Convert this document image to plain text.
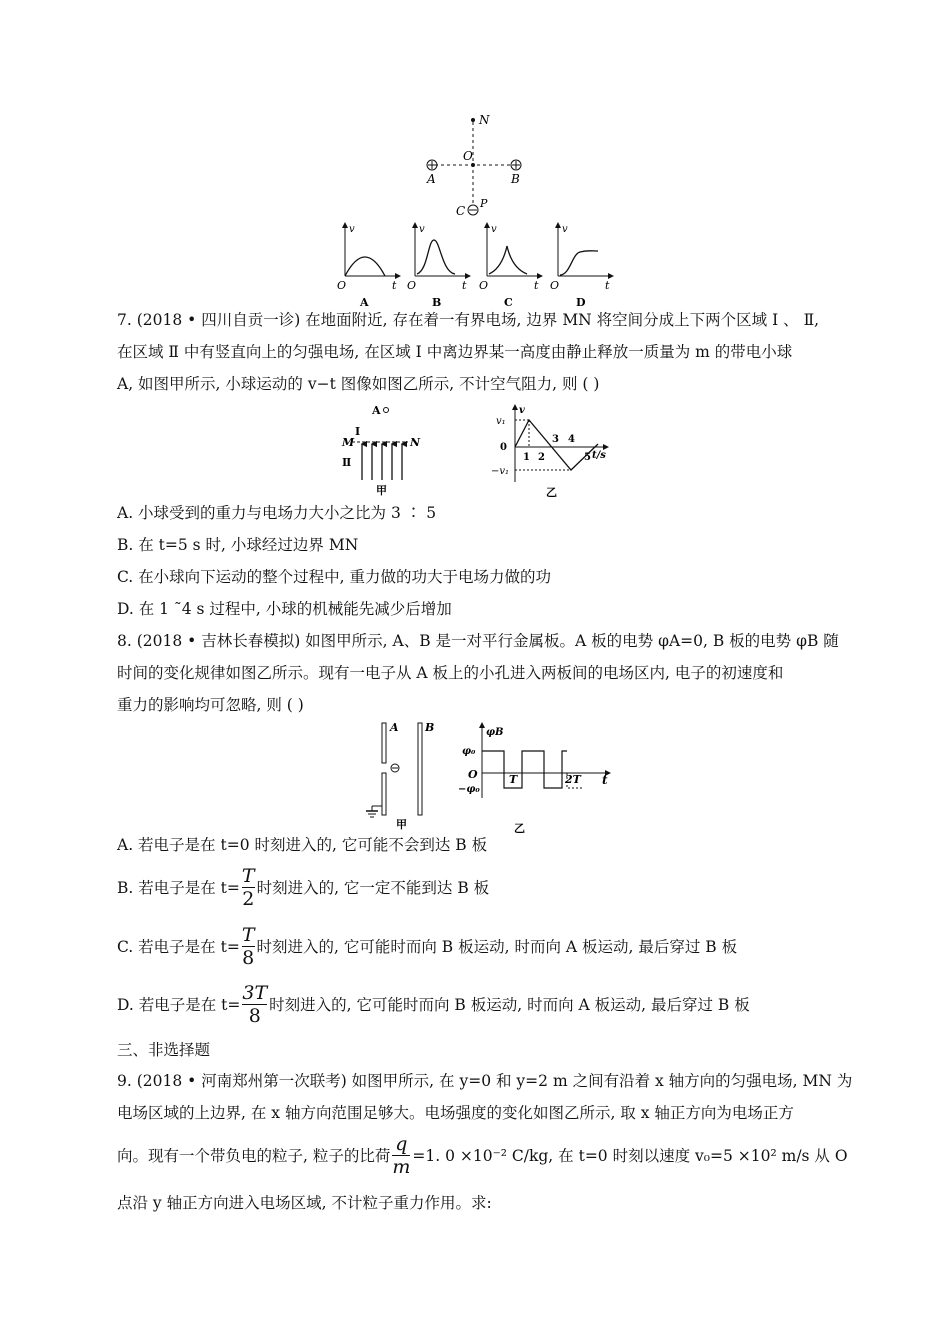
N
O
A	B
C
P
v
O	t
A
v
O	t
B
v
O	t
C
v
O	t
D
7. (2018 • 四川自贡一诊) 在地面附近, 存在着一有界电场, 边界 MN 将空间分成上下两个区域 Ⅰ 、 Ⅱ,
在区域 Ⅱ 中有竖直向上的匀强电场, 在区域 Ⅰ 中离边界某一高度由静止释放一质量为 m 的带电小球
A, 如图甲所示, 小球运动的 v−t 图像如图乙所示, 不计空气阻力, 则 ( )
A
Ⅰ
M	N
Ⅱ
甲
v
v₁
0
−v₁
1 2
3 4
5 t/s
乙
A. 小球受到的重力与电场力大小之比为 3 ∶ 5
B. 在 t=5 s 时, 小球经过边界 MN
C. 在小球向下运动的整个过程中, 重力做的功大于电场力做的功
D. 在 1 ˜4 s 过程中, 小球的机械能先减少后增加
8. (2018 • 吉林长春模拟) 如图甲所示, A、B 是一对平行金属板。A 板的电势 φA=0, B 板的电势 φB 随
时间的变化规律如图乙所示。现有一电子从 A 板上的小孔进入两板间的电场区内, 电子的初速度和
重力的影响均可忽略, 则 ( )
A B
甲
φB
φ₀
O
−φ₀
T	2T t
乙
A. 若电子是在 t=0 时刻进入的, 它可能不会到达 B 板
B. 若电子是在 $t= \frac{T}{2}$ 时刻进入的, 它一定不能到达 B 板
C. 若电子是在 $t= \frac{T}{8}$ 时刻进入的, 它可能时而向 B 板运动, 时而向 A 板运动, 最后穿过 B 板
D. 若电子是在 $t= \frac{3T}{8}$ 时刻进入的, 它可能时而向 B 板运动, 时而向 A 板运动, 最后穿过 B 板
三、非选择题
9. (2018 • 河南郑州第一次联考) 如图甲所示, 在 y=0 和 y=2 m 之间有沿着 x 轴方向的匀强电场, MN 为
电场区域的上边界, 在 x 轴方向范围足够大。电场强度的变化如图乙所示, 取 x 轴正方向为电场正方
向。现有一个带负电的粒子, 粒子的比荷 $\frac{q}{m} =1$. 0 ×10⁻² C/kg, 在 t=0 时刻以速度 v₀=5 ×10² m/s 从 O
点沿 y 轴正方向进入电场区域, 不计粒子重力作用。求:
